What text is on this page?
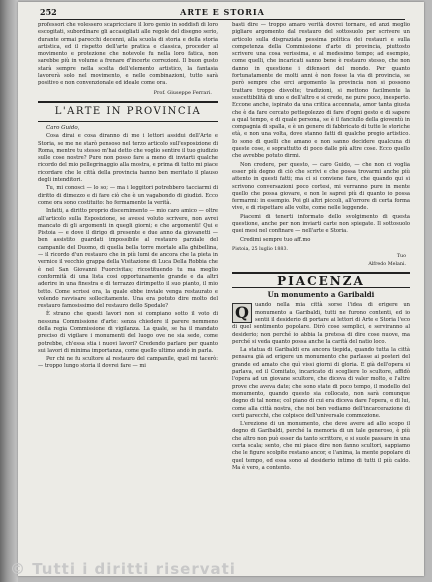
252	ARTE E STORIA

professori che volessero scapricciare il loro genio in soddisfi di loro escogitati, subordinare gli accasigliati alle regole del disegno serio, durante ormai parecchi decenni, alla scuola di storia e della storia artistica, ed il rispetto dell'arte pratica e classica, proceder al movimento e protezione che notevole fu nella loro fatica, non sarebbe più in volume a frenare d'incerte correzioni. Il buon gusto starà sempre nella scelta dell'elemento artistico, la fantasia lavorerà solo nel movimento, e nelle combinazioni, tutto sarà positivo e non convenzionale ed ideale come ora.

Prof. Giuseppe Ferrari.
L'ARTE IN PROVINCIA
Caro Guido,

Cosa dirai e cosa diranno di me i lettori assidui dell'Arte e Storia, se me ne starò pensoso nel terzo articolo sull'esposizione di Roma, mentre tu stesso m'hai detto che voglio sentire il tuo giudizio sulle cose nostre? Pure non posso fare a meno di inviarti qualche ricordo del mio pellegrinaggio alla mostra, e prima di tutto mi piace ricordare che le città della provincia hanno ben meritato il plauso degli intenditori.

Tu, mi conosci — lo so; — ma i leggitori potrebbero tacciarmi di diritto di dimezzo e di fare ciò che è un vagabondo di giudizi. Ecco come ora sono costituito: ho fermamente la verità.

Infatti, a diritto proprio discernimento — mio caro amico — oltre all'articolo sulla Esposizione, se avessi voluto scrivere, non avrei mancato di gli argomenti in quegli giorni; e che argomenti! Qui e Pistoia — e dove il dirigo di presente e due anno da giovanetti — ben assistito guardati impossibile al restauro parziale del campanile del Duomo, di quella bella torre mortale alla ghibellina, — il ricordo d'un restauro che in più lumi de ancora che la pieta in vernice il vecchio grappa della Visitazione di Luca Della Robbia che è nel San Giovanni Fuorcivitas; ricostituendo tu ma meglio conformità di una lista cosi opportunamente grande e da altri aderire in una finestra e di terrazzo dirimpetto il suo pianto, il mio tetto. Come scrissi ora, la quale ebbe inviale venga restaurato e volendo ravvisare sollecitamente. Una era potuto dire molto del restauro famosissimo del restauro dello Spedale?

È strano che questi lavori non si compiano sotto il voto di nessuna Commissione d'arte: senza chiedere il parere nemmeno della regia Commissione di vigilanza. La quale, se ha il mandato preciso di vigilare i monumenti del luogo ove ne sia sede, come potrebbe, ch'essa stia i nuovi lavori? Credendo parlare per quanto sui lavori di minima importanza, come quello ultimo andò in parla.

Per chi ne fu scultore al restauro del campanile, quel mi tacerò: — troppo lungo storia il dovrei fare — mi

basti dire — troppo amaro verità dovrei tornare, ed anzi meglio pigliare argomento dal restauro del sottosuolo per scrivere un articolo sulla disgraziata pessima politica dei restauri e sulla competenza della Commissione d'arte di provincia, piuttosto scrivere una cosa verissima, e al medesimo tempo; ad esempio, come quelli, che incaricati sanno bene è restauro stesso, che non danno in questione i difensori del mondo. Per quanto fortunatamente de molti anni è non fosse la via di provincia, se però sempre che erci argomento la provincia non si possono trattare troppo disvolte; tradizioni, si mettono facilmente la suscettibilità di uno e dell'altro e si crede, ne pure poco, inesperto. Eccone anche, ispirato da una critica accennata, amor tanta giusta che è da fare cercato pettegolezzo di fare d'ogni gesto e di sapere a qual tempo, e di quale persona, se è il fanciullo della gioventù in compagnia di spalla, e è un genere di fabbricato di tutte le storiche età, e non una volta, dove stanno fatti di qualche pregio artistico. Io sono di quelli che amano e non sanno decidere qualcuna di queste cose, e soprattutto di poco dalle più altre cose. Ecco quello che avrebbe potuto dirmi.

Non credere, per questo, — caro Guido, — che non ci voglia esser più degno di ciò che scrivi e che possa trovarmi anche più attento in questi fatti; ma ci si conviene fare, che quando qui si scrivono conversazioni poco cortesi, mi verranno pure in mente quello che possa giovare, e non le saprei più di quanto io possa fermarmi: in esempio. Poi gli altri piccoli, all'orrore di certa forma vive, e di rispettare alle volte, come nelle leggende.

Piacemi di tenerti informato dello svolgimento di questa questione, anche per non inviarti carte non spiegate. Il sottosuolo quei mesi nel confinare — nell'arte e Storia.

Credimi sempre tuo aff.mo

Pistoia, 25 luglio 1883.
Tuo
Alfredo Melani.
PIACENZA
Un monumento a Garibaldi

Q	uando nella mia città sorse l'idea di erigere un monumento a Garibaldi, tutti ne furono contenti, ed io sentii il desiderio di portare ai lettori di Arte e Storia l'eco di quel sentimento popolare. Dirò cose semplici, e serviranno al desiderio; non perché io abbia la pretesa di dire cose nuove, ma perché si veda quanto possa anche la carità del natio loco.

La statua di Garibaldi era ancora tiepida, quando tutta la città pensava già ad erigere un monumento che parlasse ai posteri del grande ed amato che quì vissi giorni di gloria. E già dell'opera si parlava, ed il Comitato, incaricato di scegliere lo scultore, affidò l'opera ad un giovane scultore, che diceva di valer molto, e l'altre prove che aveva date; che sono state di poco tempo, il modello del monumento, quando questo sia collocato, non sarà comunque degno di tal nome; col piano di cui era diceva dare l'opera, e di lui, come alla città nostra, che noi ben vediamo dell'incarcerazione di certi parecchi, che colpisce dell'universale commozione.

L'erezione di un monumento, che deve avere ad allo scopo il degno di Garibaldi, perché la memoria di un tale generoso, è più che altro non può esser da tanto scrittore, e si suole passare in una certa scala; sento, che mi piace dire non fanno scultori, sappiamo che le figure scolpite restano ancor, e l'anima, la mente popolare di quel tempo, ed essa sono al desiderio intimo di tutti il più caldo. Ma è vero, a contento.

© Tutti i diritti riservati
